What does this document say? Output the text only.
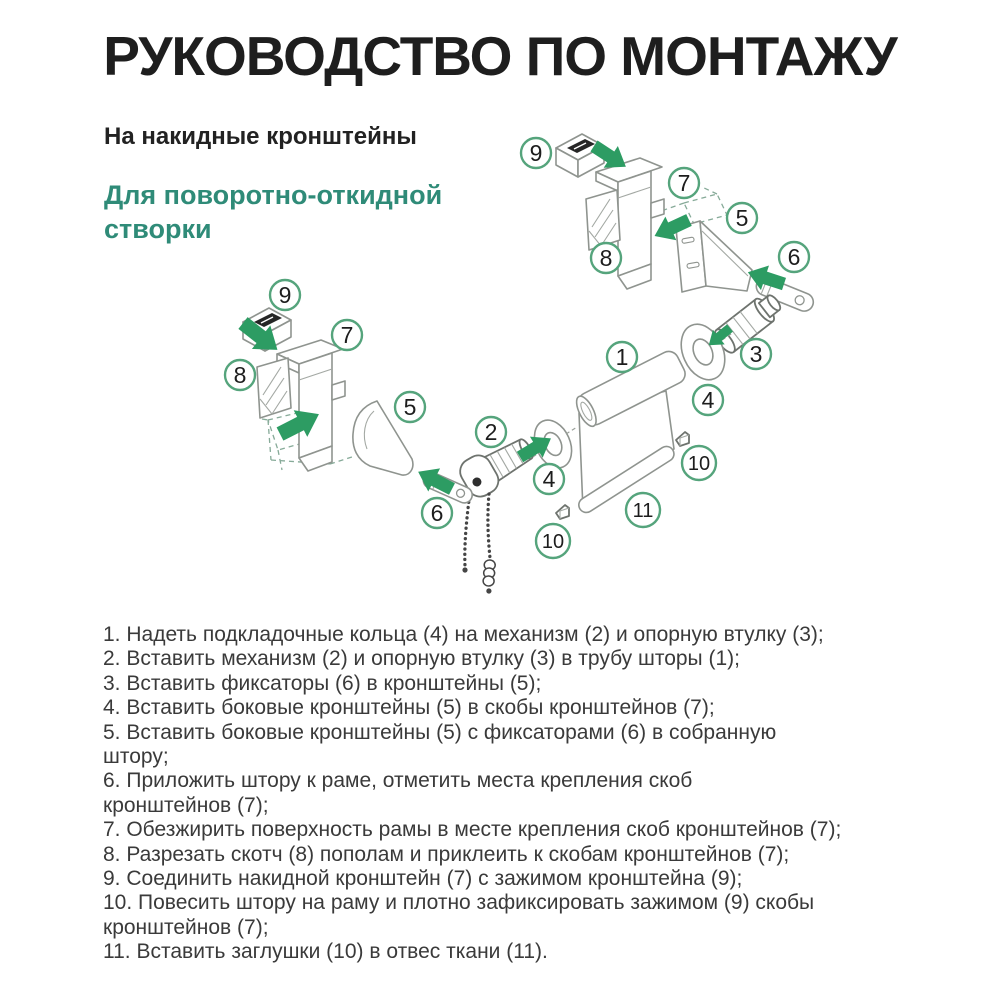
РУКОВОДСТВО ПО МОНТАЖУ
На накидные кронштейны
Для поворотно-откидной створки
9
7
5
8	6
3
1
4
2
4
10
11
10
9
7
8
5
6
1. Надеть подкладочные кольца (4) на механизм (2) и опорную втулку (3);
2. Вставить механизм (2) и опорную втулку (3) в трубу шторы (1);
3. Вставить фиксаторы (6) в кронштейны (5);
4. Вставить боковые кронштейны (5) в скобы кронштейнов (7);
5. Вставить боковые кронштейны (5) с фиксаторами (6) в собранную
штору;
6. Приложить штору к раме, отметить места крепления скоб
кронштейнов (7);
7. Обезжирить поверхность рамы в месте крепления скоб кронштейнов (7);
8. Разрезать скотч (8) пополам и приклеить к скобам кронштейнов (7);
9. Соединить накидной кронштейн (7) с зажимом кронштейна (9);
10. Повесить штору на раму и плотно зафиксировать зажимом (9) скобы
кронштейнов (7);
11. Вставить заглушки (10) в отвес ткани (11).
